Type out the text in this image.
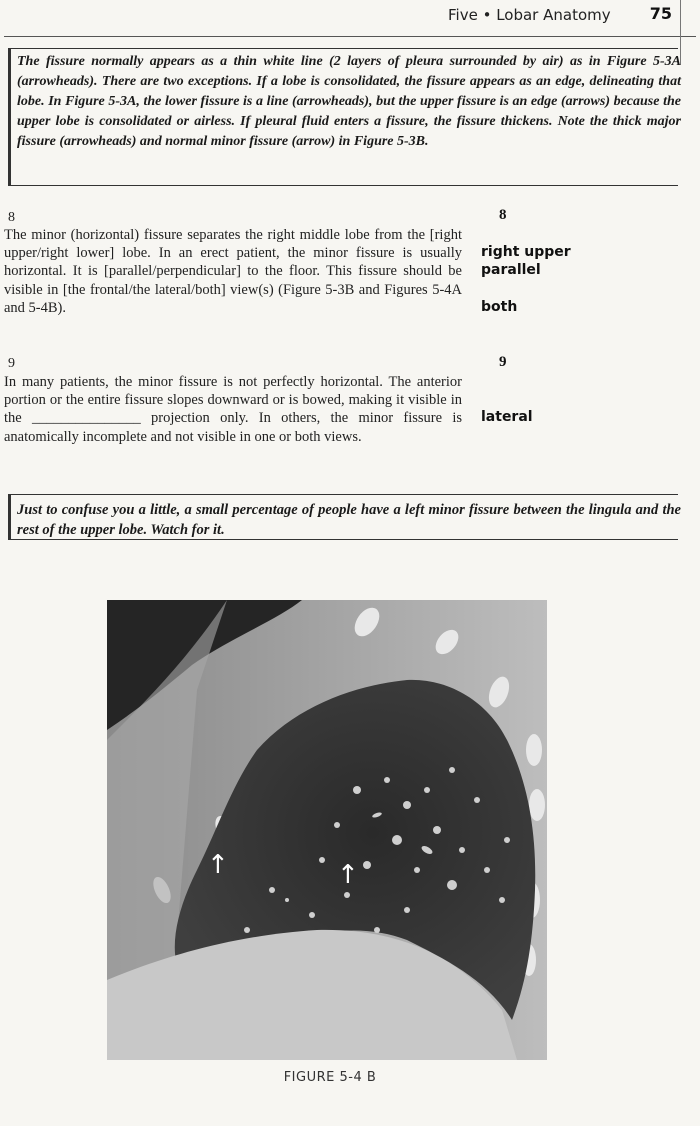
Five • Lobar Anatomy 75

The fissure normally appears as a thin white line (2 layers of pleura surrounded by air) as in Figure 5-3A (arrowheads). There are two exceptions. If a lobe is consolidated, the fissure appears as an edge, delineating that lobe. In Figure 5-3A, the lower fissure is a line (arrowheads), but the upper fissure is an edge (arrows) because the upper lobe is consolidated or airless. If pleural fluid enters a fissure, the fissure thickens. Note the thick major fissure (arrowheads) and normal minor fissure (arrow) in Figure 5-3B.

8	8

The minor (horizontal) fissure separates the right middle lobe from the [right upper/right lower] lobe. In an erect patient, the minor fissure is usually horizontal. It is [parallel/perpendicular] to the floor. This fissure should be visible in [the frontal/the lateral/both] view(s) (Figure 5-3B and Figures 5-4A and 5-4B).

right upper
parallel
both
9	9

In many patients, the minor fissure is not perfectly horizontal. The anterior portion or the entire fissure slopes downward or is bowed, making it visible in the _______________ projection only. In others, the minor fissure is anatomically incomplete and not visible in one or both views.

lateral

Just to confuse you a little, a small percentage of people have a left minor fissure between the lingula and the rest of the upper lobe. Watch for it.

↑	↑
FIGURE 5-4 B
